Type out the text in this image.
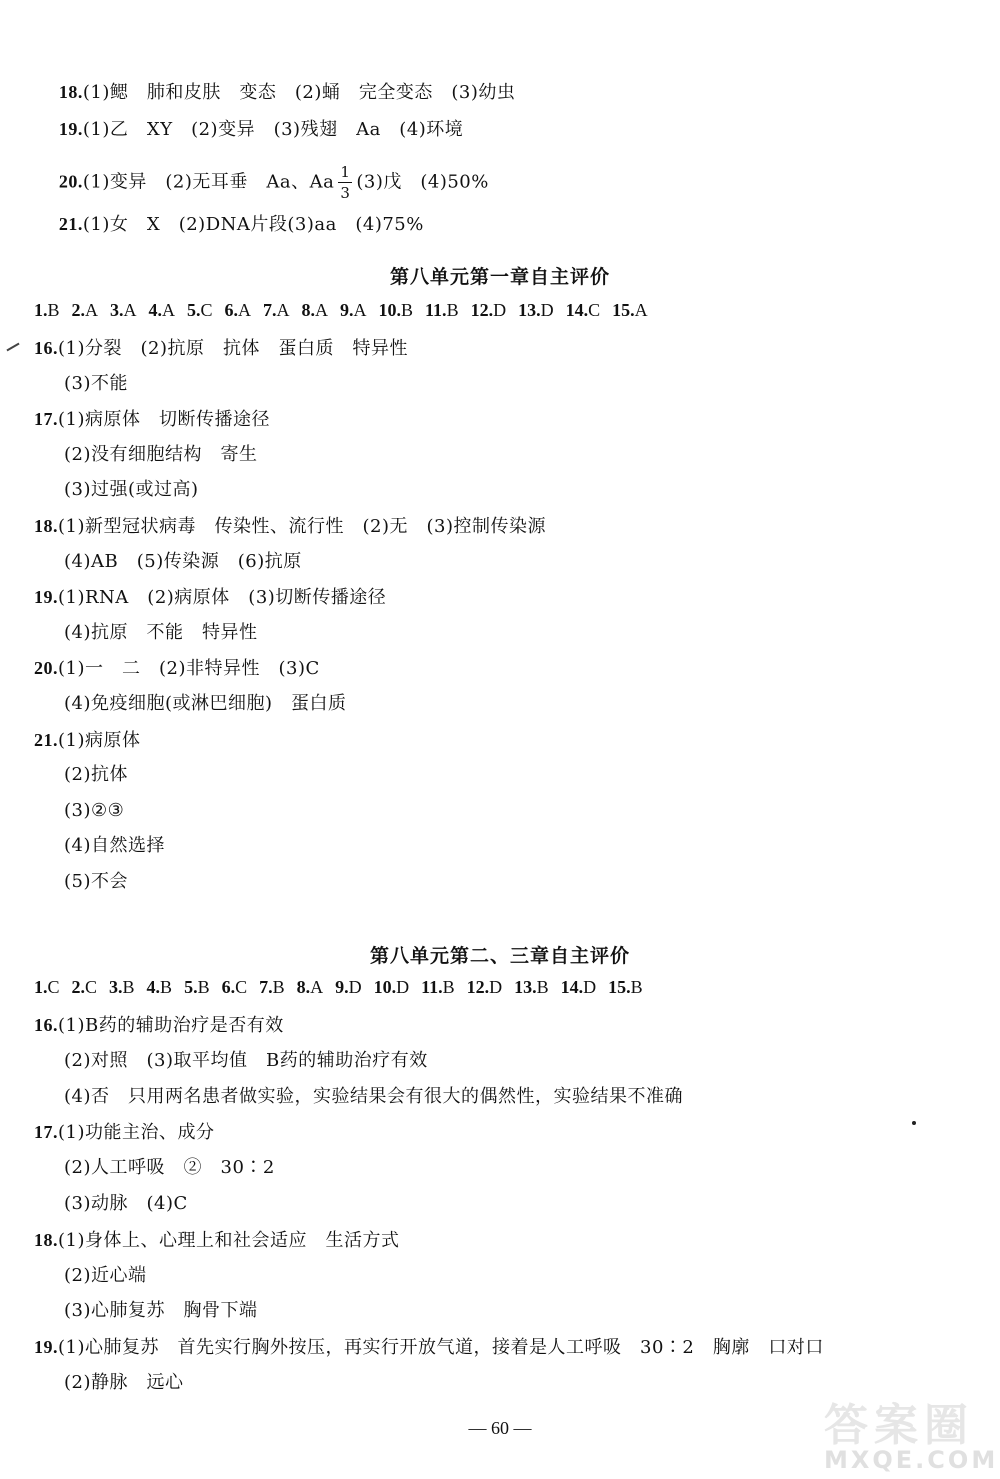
18.(1)鳃　肺和皮肤　变态　(2)蛹　完全变态　(3)幼虫

19.(1)乙　XY　(2)变异　(3)残翅　Aa　(4)环境

20.(1)变异　(2)无耳垂　Aa、Aa $\frac{1}{3} (3)$戊　(4)50%

21.(1)女　X　(2)DNA片段(3)aa　(4)75%

第八单元第一章自主评价
1.B 2.A 3.A 4.A 5.C 6.A 7.A 8.A 9.A 10.B 11.B 12.D 13.D 14.C 15.A
16.(1)分裂　(2)抗原　抗体　蛋白质　特异性
(3)不能
17.(1)病原体　切断传播途径
(2)没有细胞结构　寄生
(3)过强(或过高)
18.(1)新型冠状病毒　传染性、流行性　(2)无　(3)控制传染源
(4)AB　(5)传染源　(6)抗原
19.(1)RNA　(2)病原体　(3)切断传播途径
(4)抗原　不能　特异性
20.(1)一　二　(2)非特异性　(3)C
(4)免疫细胞(或淋巴细胞)　蛋白质
21.(1)病原体
(2)抗体
(3)②③
(4)自然选择
(5)不会
第八单元第二、三章自主评价
1.C 2.C 3.B 4.B 5.B 6.C 7.B 8.A 9.D 10.D 11.B 12.D 13.B 14.D 15.B
16.(1)B药的辅助治疗是否有效
(2)对照　(3)取平均值　B药的辅助治疗有效
(4)否　只用两名患者做实验，实验结果会有很大的偶然性，实验结果不准确
17.(1)功能主治、成分
(2)人工呼吸　②　30∶2
(3)动脉　(4)C
18.(1)身体上、心理上和社会适应　生活方式
(2)近心端
(3)心肺复苏　胸骨下端
19.(1)心肺复苏　首先实行胸外按压，再实行开放气道，接着是人工呼吸　30∶2　胸廓　口对口
(2)静脉　远心
— 60 —	答案圈
MXQE.COM
